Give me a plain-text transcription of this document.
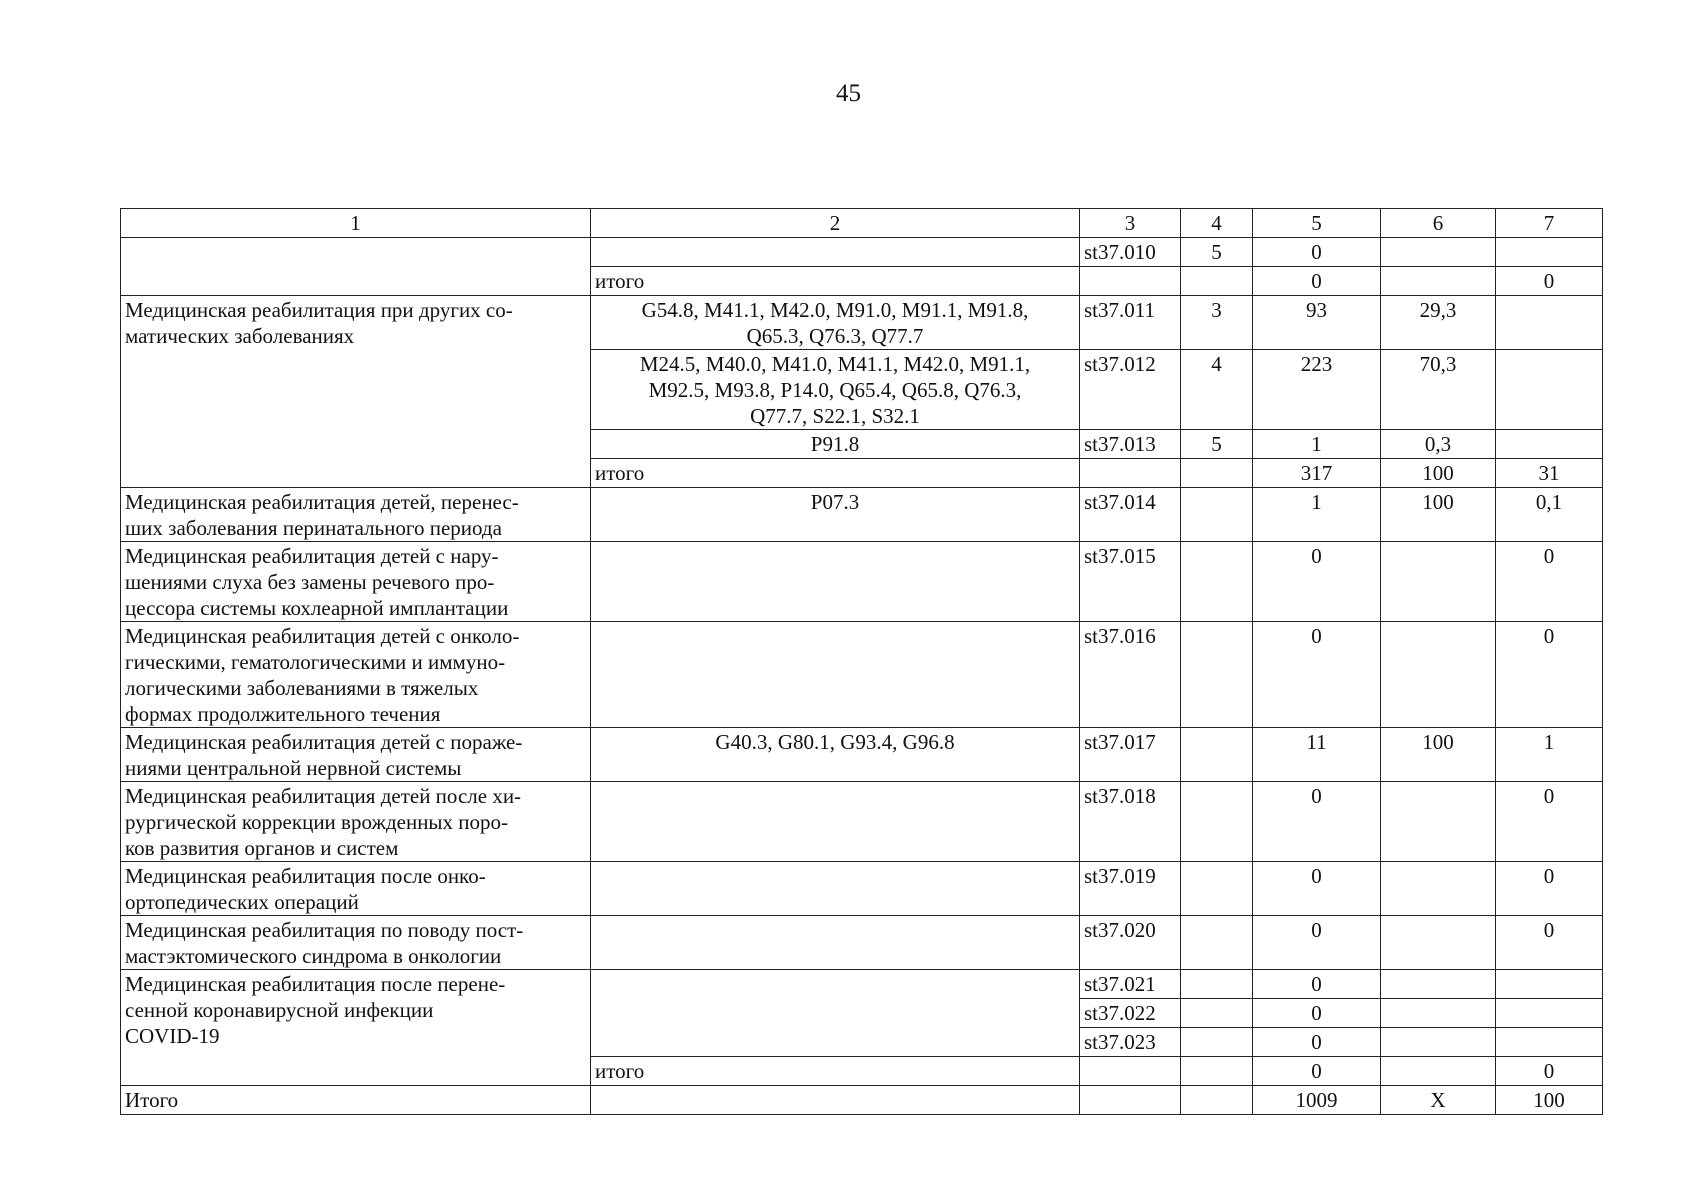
45
1	2	3	4	5	6	7
		st37.010	5	0		
	итого			0		0
Медицинская реабилитация при других со-
матических заболеваниях	G54.8, M41.1, M42.0, M91.0, M91.1, M91.8,
Q65.3, Q76.3, Q77.7	st37.011	3	93	29,3	
	M24.5, M40.0, M41.0, M41.1, M42.0, M91.1,
M92.5, M93.8, P14.0, Q65.4, Q65.8, Q76.3,
Q77.7, S22.1, S32.1	st37.012	4	223	70,3	
	P91.8	st37.013	5	1	0,3	
	итого			317	100	31
Медицинская реабилитация детей, перенес-
ших заболевания перинатального периода	P07.3	st37.014		1	100	0,1
Медицинская реабилитация детей с нару-
шениями слуха без замены речевого про-
цессора системы кохлеарной имплантации		st37.015		0		0
Медицинская реабилитация детей с онколо-
гическими, гематологическими и иммуно-
логическими заболеваниями в тяжелых
формах продолжительного течения		st37.016		0		0
Медицинская реабилитация детей с пораже-
ниями центральной нервной системы	G40.3, G80.1, G93.4, G96.8	st37.017		11	100	1
Медицинская реабилитация детей после хи-
рургической коррекции врожденных поро-
ков развития органов и систем		st37.018		0		0
Медицинская реабилитация после онко-
ортопедических операций		st37.019		0		0
Медицинская реабилитация по поводу пост-
мастэктомического синдрома в онкологии		st37.020		0		0
Медицинская реабилитация после перене-
сенной коронавирусной инфекции
COVID-19		st37.021		0		
		st37.022		0		
		st37.023		0		
	итого			0		0
Итого				1009	Х	100
